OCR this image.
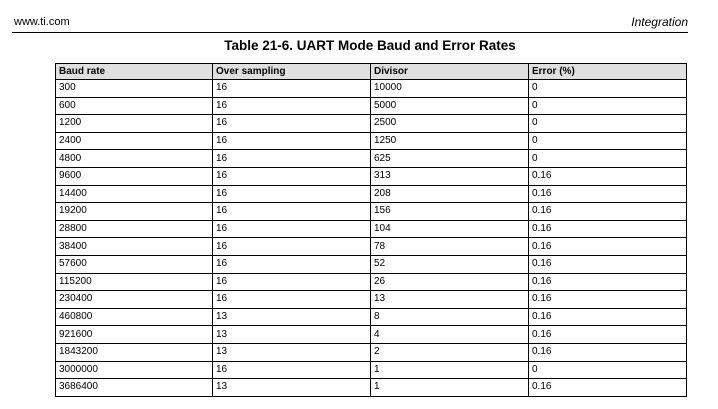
www.ti.com	Integration
Table 21-6. UART Mode Baud and Error Rates
Baud rate	Over sampling	Divisor	Error (%)
300	16	10000	0
600	16	5000	0
1200	16	2500	0
2400	16	1250	0
4800	16	625	0
9600	16	313	0.16
14400	16	208	0.16
19200	16	156	0.16
28800	16	104	0.16
38400	16	78	0.16
57600	16	52	0.16
115200	16	26	0.16
230400	16	13	0.16
460800	13	8	0.16
921600	13	4	0.16
1843200	13	2	0.16
3000000	16	1	0
3686400	13	1	0.16
